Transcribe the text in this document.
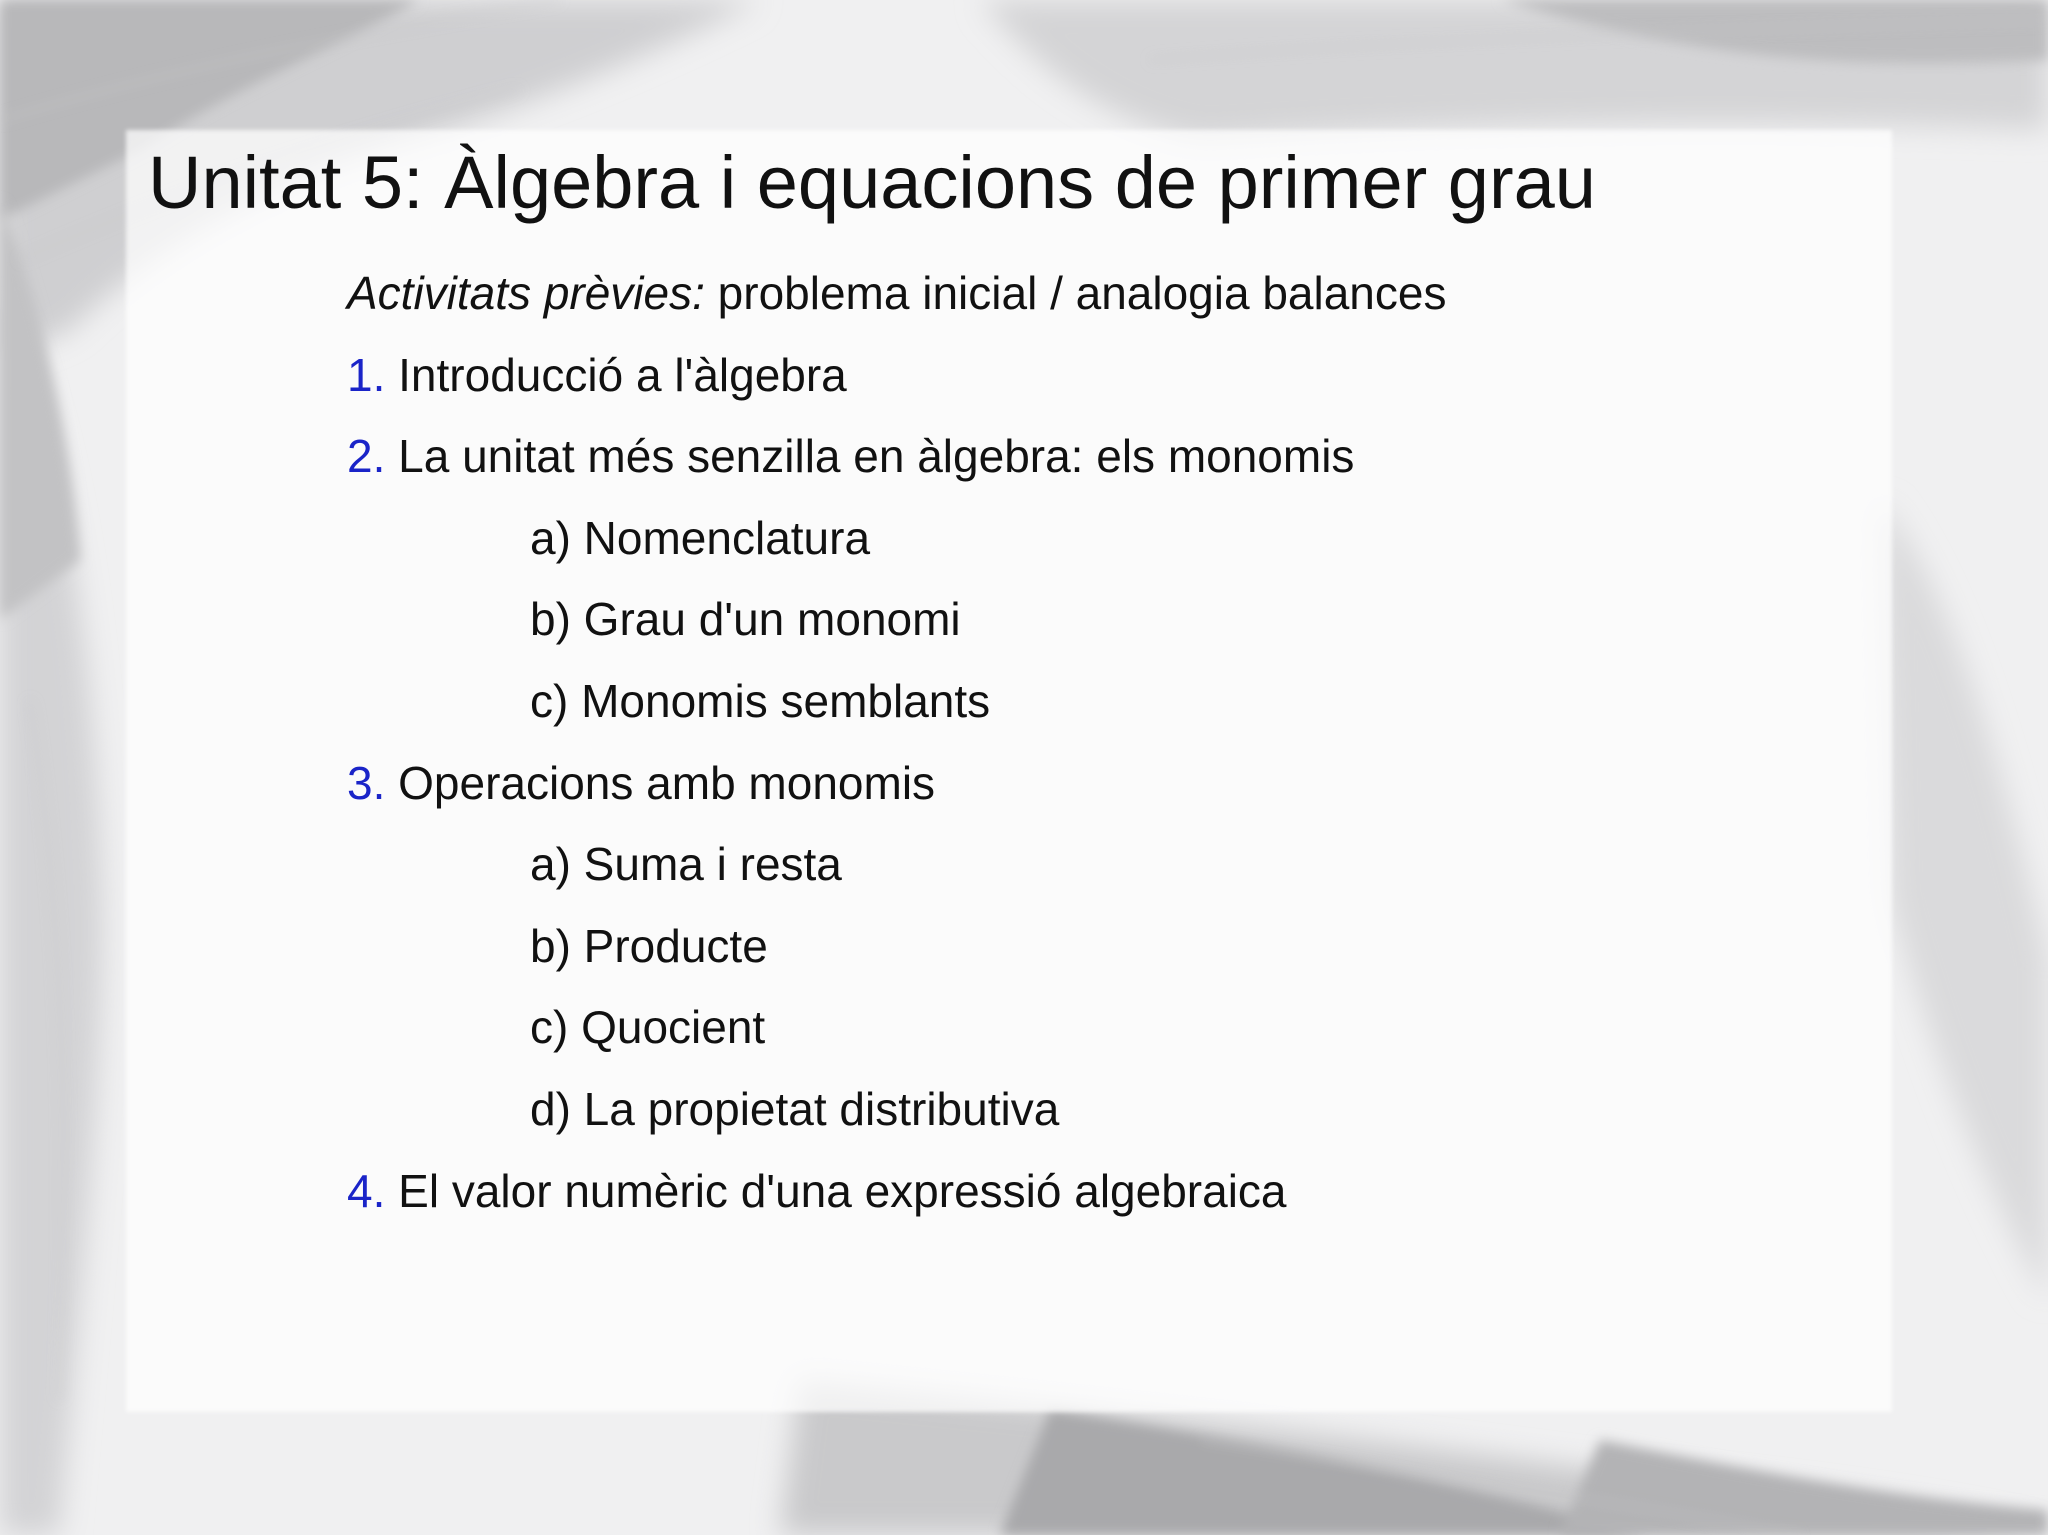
Unitat 5: Àlgebra i equacions de primer grau
Activitats prèvies: problema inicial / analogia balances
1. Introducció a l'àlgebra
2. La unitat més senzilla en àlgebra: els monomis
a) Nomenclatura
b) Grau d'un monomi
c) Monomis semblants
3. Operacions amb monomis
a) Suma i resta
b) Producte
c) Quocient
d) La propietat distributiva
4. El valor numèric d'una expressió algebraica
